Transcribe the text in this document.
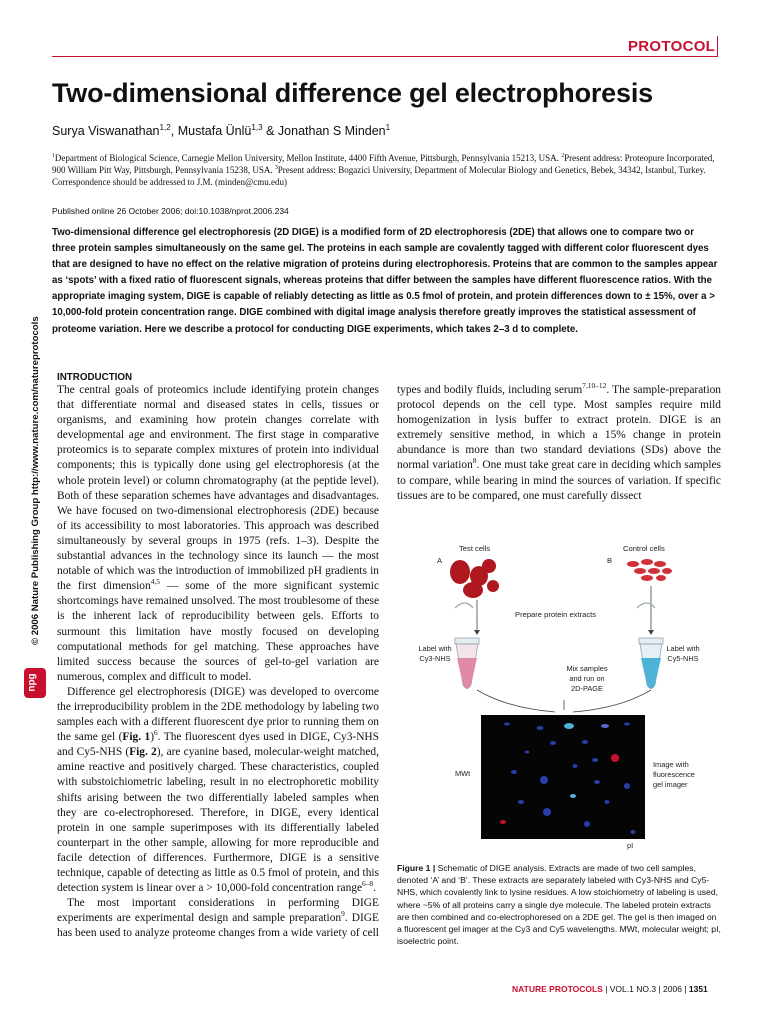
PROTOCOL
Two-dimensional difference gel electrophoresis
Surya Viswanathan$^{1,2}$, Mustafa Ünlü$^{1,3}$ & Jonathan S Minden$^1$
$^1$Department of Biological Science, Carnegie Mellon University, Mellon Institute, 4400 Fifth Avenue, Pittsburgh, Pennsylvania 15213, USA. $^2$Present address: Proteopure Incorporated, 900 William Pitt Way, Pittsburgh, Pennsylvania 15238, USA. $^3$Present address: Bogazici University, Department of Molecular Biology and Genetics, Bebek, 34342, Istanbul, Turkey. Correspondence should be addressed to J.M. (minden@cmu.edu)
Published online 26 October 2006; doi:10.1038/nprot.2006.234
Two-dimensional difference gel electrophoresis (2D DIGE) is a modified form of 2D electrophoresis (2DE) that allows one to compare two or three protein samples simultaneously on the same gel. The proteins in each sample are covalently tagged with different color fluorescent dyes that are designed to have no effect on the relative migration of proteins during electrophoresis. Proteins that are common to the samples appear as ‘spots’ with a fixed ratio of fluorescent signals, whereas proteins that differ between the samples have different fluorescence ratios. With the appropriate imaging system, DIGE is capable of reliably detecting as little as 0.5 fmol of protein, and protein differences down to ± 15%, over a > 10,000-fold protein concentration range. DIGE combined with digital image analysis therefore greatly improves the statistical assessment of proteome variation. Here we describe a protocol for conducting DIGE experiments, which takes 2–3 d to complete.
© 2006 Nature Publishing Group http://www.nature.com/natureprotocols
npg
INTRODUCTION

The central goals of proteomics include identifying protein changes that differentiate normal and diseased states in cells, tissues or organisms, and examining how protein changes correlate with developmental age and environment. The first stage in comparative proteomics is to separate complex mixtures of protein into individual components; this is typically done using gel electrophoresis (at the whole protein level) or column chromatography (at the peptide level). Both of these separation schemes have advantages and disadvantages. We have focused on two-dimensional electrophoresis (2DE) because of its accessibility to most laboratories. This approach was described simultaneously by several groups in 1975 (refs. 1–3). Despite the substantial advances in the technology since its launch — the most notable of which was the introduction of immobilized pH gradients in the first dimension$^{4,5}$ — some of the more significant systemic shortcomings have remained unsolved. The most troublesome of these is the inherent lack of reproducibility between gels. Efforts to surmount this limitation have mostly focused on developing computational methods for gel matching. These approaches have limited success because the sources of gel-to-gel variation are numerous, complex and difficult to model.

Difference gel electrophoresis (DIGE) was developed to overcome the irreproducibility problem in the 2DE methodology by labeling two samples each with a different fluorescent dye prior to running them on the same gel (Fig. 1)$^6$. The fluorescent dyes used in DIGE, Cy3-NHS and Cy5-NHS (Fig. 2), are cyanine based, molecular-weight matched, amine reactive and positively charged. These characteristics, coupled with substoichiometric labeling, result in no electrophoretic mobility shifts arising between the two differentially labeled samples when they are co-electrophoresed. Therefore, in DIGE, every identical protein in one sample superimposes with its differentially labeled counterpart in the other sample, allowing for more reproducible and facile detection of differences. Furthermore, DIGE is a sensitive technique, capable of detecting as little as 0.5 fmol of protein, and this detection system is linear over a > 10,000-fold concentration range$^{6-8}$.

The most important considerations in performing DIGE experiments are experimental design and sample preparation$^9$. DIGE has been used to analyze proteome changes from a wide variety of cell

types and bodily fluids, including serum$^{7,10-12}$. The sample-preparation protocol depends on the cell type. Most samples require mild homogenization in lysis buffer to extract protein. DIGE is an extremely sensitive method, in which a 15% change in protein abundance is more than two standard deviations (SDs) above the normal variation$^8$. One must take great care in deciding which samples to compare, while bearing in mind the sources of variation. If specific tissues are to be compared, one must carefully dissect

Test cells	Control cells
A	B
Prepare protein extracts
Label with
Cy3-NHS
Label with
Cy5-NHS
Mix samples
and run on
2D-PAGE
MWt
pI
Image with
fluorescence
gel imager
Figure 1 | Schematic of DIGE analysis. Extracts are made of two cell samples, denoted ‘A’ and ‘B’. These extracts are separately labeled with Cy3-NHS and Cy5-NHS, which covalently link to lysine residues. A low stoichiometry of labeling is used, where ~5% of all proteins carry a single dye molecule. The labeled protein extracts are then combined and co-electrophoresed on a 2DE gel. The gel is then imaged on a fluorescent gel imager at the Cy3 and Cy5 wavelengths. MWt, molecular weight; pI, isoelectric point.
NATURE PROTOCOLS | VOL.1 NO.3 | 2006 | 1351
